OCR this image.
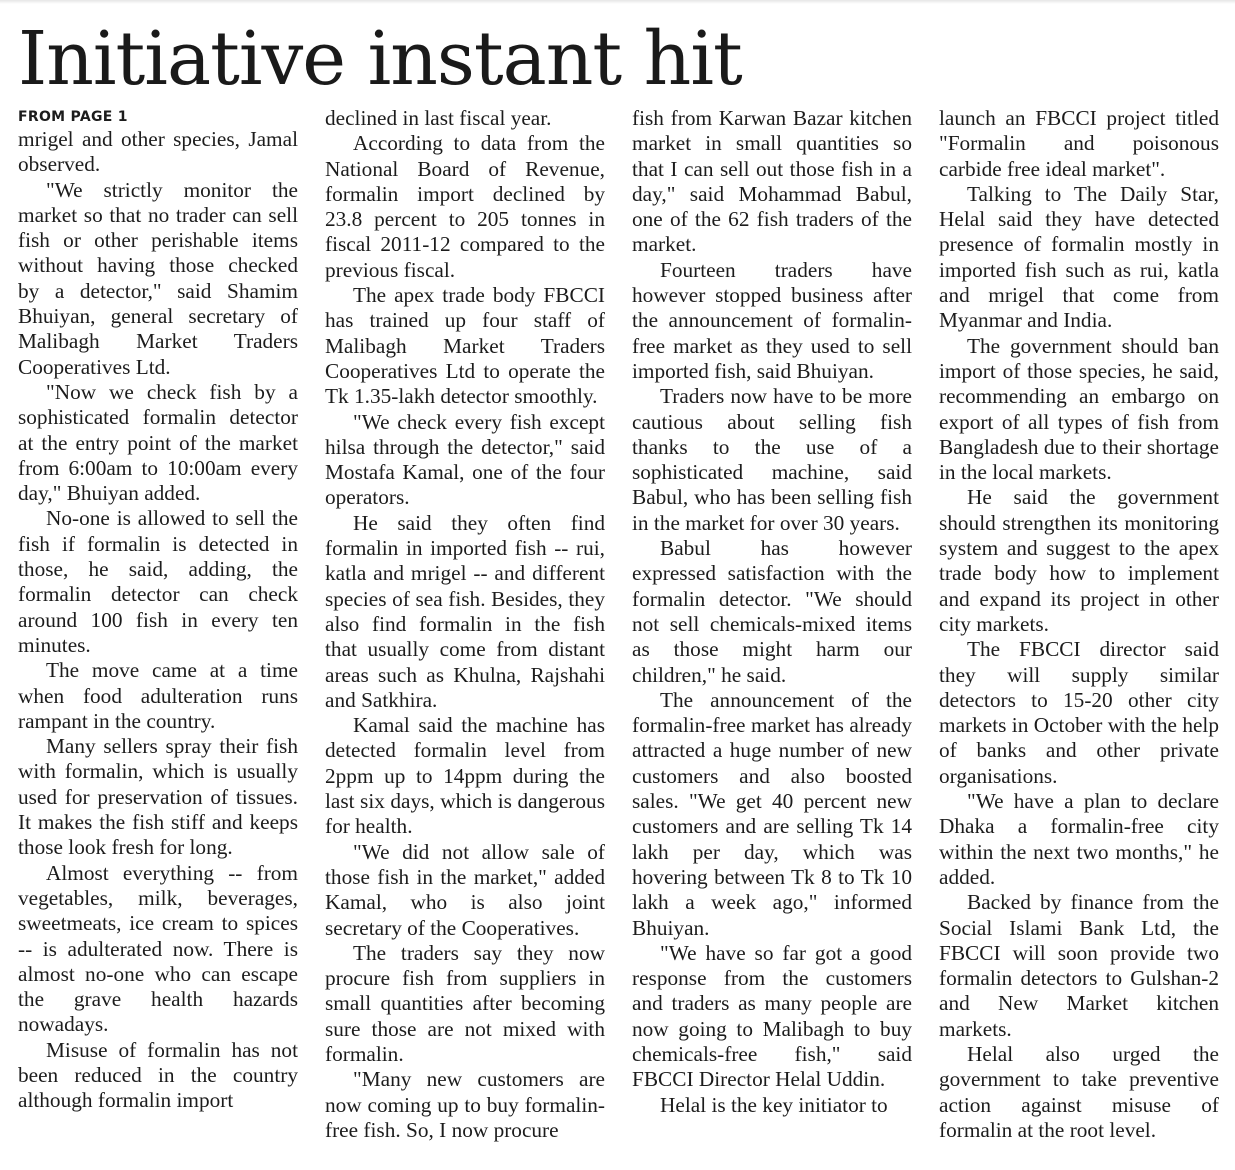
Initiative instant hit
FROM PAGE 1

mrigel and other species, Jamal observed.

"We strictly monitor the market so that no trader can sell fish or other perishable items without having those checked by a detector," said Shamim Bhuiyan, general secretary of Malibagh Market Traders Cooperatives Ltd.

"Now we check fish by a sophisticated formalin detector at the entry point of the market from 6:00am to 10:00am every day," Bhuiyan added.

No-one is allowed to sell the fish if formalin is detected in those, he said, adding, the formalin detector can check around 100 fish in every ten minutes.

The move came at a time when food adulteration runs rampant in the country.

Many sellers spray their fish with formalin, which is usually used for preservation of tissues. It makes the fish stiff and keeps those look fresh for long.

Almost everything -- from vegetables, milk, beverages, sweetmeats, ice cream to spices -- is adulterated now. There is almost no-one who can escape the grave health hazards nowadays.

Misuse of formalin has not been reduced in the country although formalin import

declined in last fiscal year.

According to data from the National Board of Revenue, formalin import declined by 23.8 percent to 205 tonnes in fiscal 2011-12 compared to the previous fiscal.

The apex trade body FBCCI has trained up four staff of Malibagh Market Traders Cooperatives Ltd to operate the Tk 1.35-lakh detector smoothly.

"We check every fish except hilsa through the detector," said Mostafa Kamal, one of the four operators.

He said they often find formalin in imported fish -- rui, katla and mrigel -- and different species of sea fish. Besides, they also find formalin in the fish that usually come from distant areas such as Khulna, Rajshahi and Satkhira.

Kamal said the machine has detected formalin level from 2ppm up to 14ppm during the last six days, which is dangerous for health.

"We did not allow sale of those fish in the market," added Kamal, who is also joint secretary of the Cooperatives.

The traders say they now procure fish from suppliers in small quantities after becoming sure those are not mixed with formalin.

"Many new customers are now coming up to buy formalin-free fish. So, I now procure

fish from Karwan Bazar kitchen market in small quantities so that I can sell out those fish in a day," said Mohammad Babul, one of the 62 fish traders of the market.

Fourteen traders have however stopped business after the announcement of formalin-free market as they used to sell imported fish, said Bhuiyan.

Traders now have to be more cautious about selling fish thanks to the use of a sophisticated machine, said Babul, who has been selling fish in the market for over 30 years.

Babul has however expressed satisfaction with the formalin detector. "We should not sell chemicals-mixed items as those might harm our children," he said.

The announcement of the formalin-free market has already attracted a huge number of new customers and also boosted sales. "We get 40 percent new customers and are selling Tk 14 lakh per day, which was hovering between Tk 8 to Tk 10 lakh a week ago," informed Bhuiyan.

"We have so far got a good response from the customers and traders as many people are now going to Malibagh to buy chemicals-free fish," said FBCCI Director Helal Uddin.

Helal is the key initiator to

launch an FBCCI project titled "Formalin and poisonous carbide free ideal market".

Talking to The Daily Star, Helal said they have detected presence of formalin mostly in imported fish such as rui, katla and mrigel that come from Myanmar and India.

The government should ban import of those species, he said, recommending an embargo on export of all types of fish from Bangladesh due to their shortage in the local markets.

He said the government should strengthen its monitoring system and suggest to the apex trade body how to implement and expand its project in other city markets.

The FBCCI director said they will supply similar detectors to 15-20 other city markets in October with the help of banks and other private organisations.

"We have a plan to declare Dhaka a formalin-free city within the next two months," he added.

Backed by finance from the Social Islami Bank Ltd, the FBCCI will soon provide two formalin detectors to Gulshan-2 and New Market kitchen markets.

Helal also urged the government to take preventive action against misuse of formalin at the root level.
